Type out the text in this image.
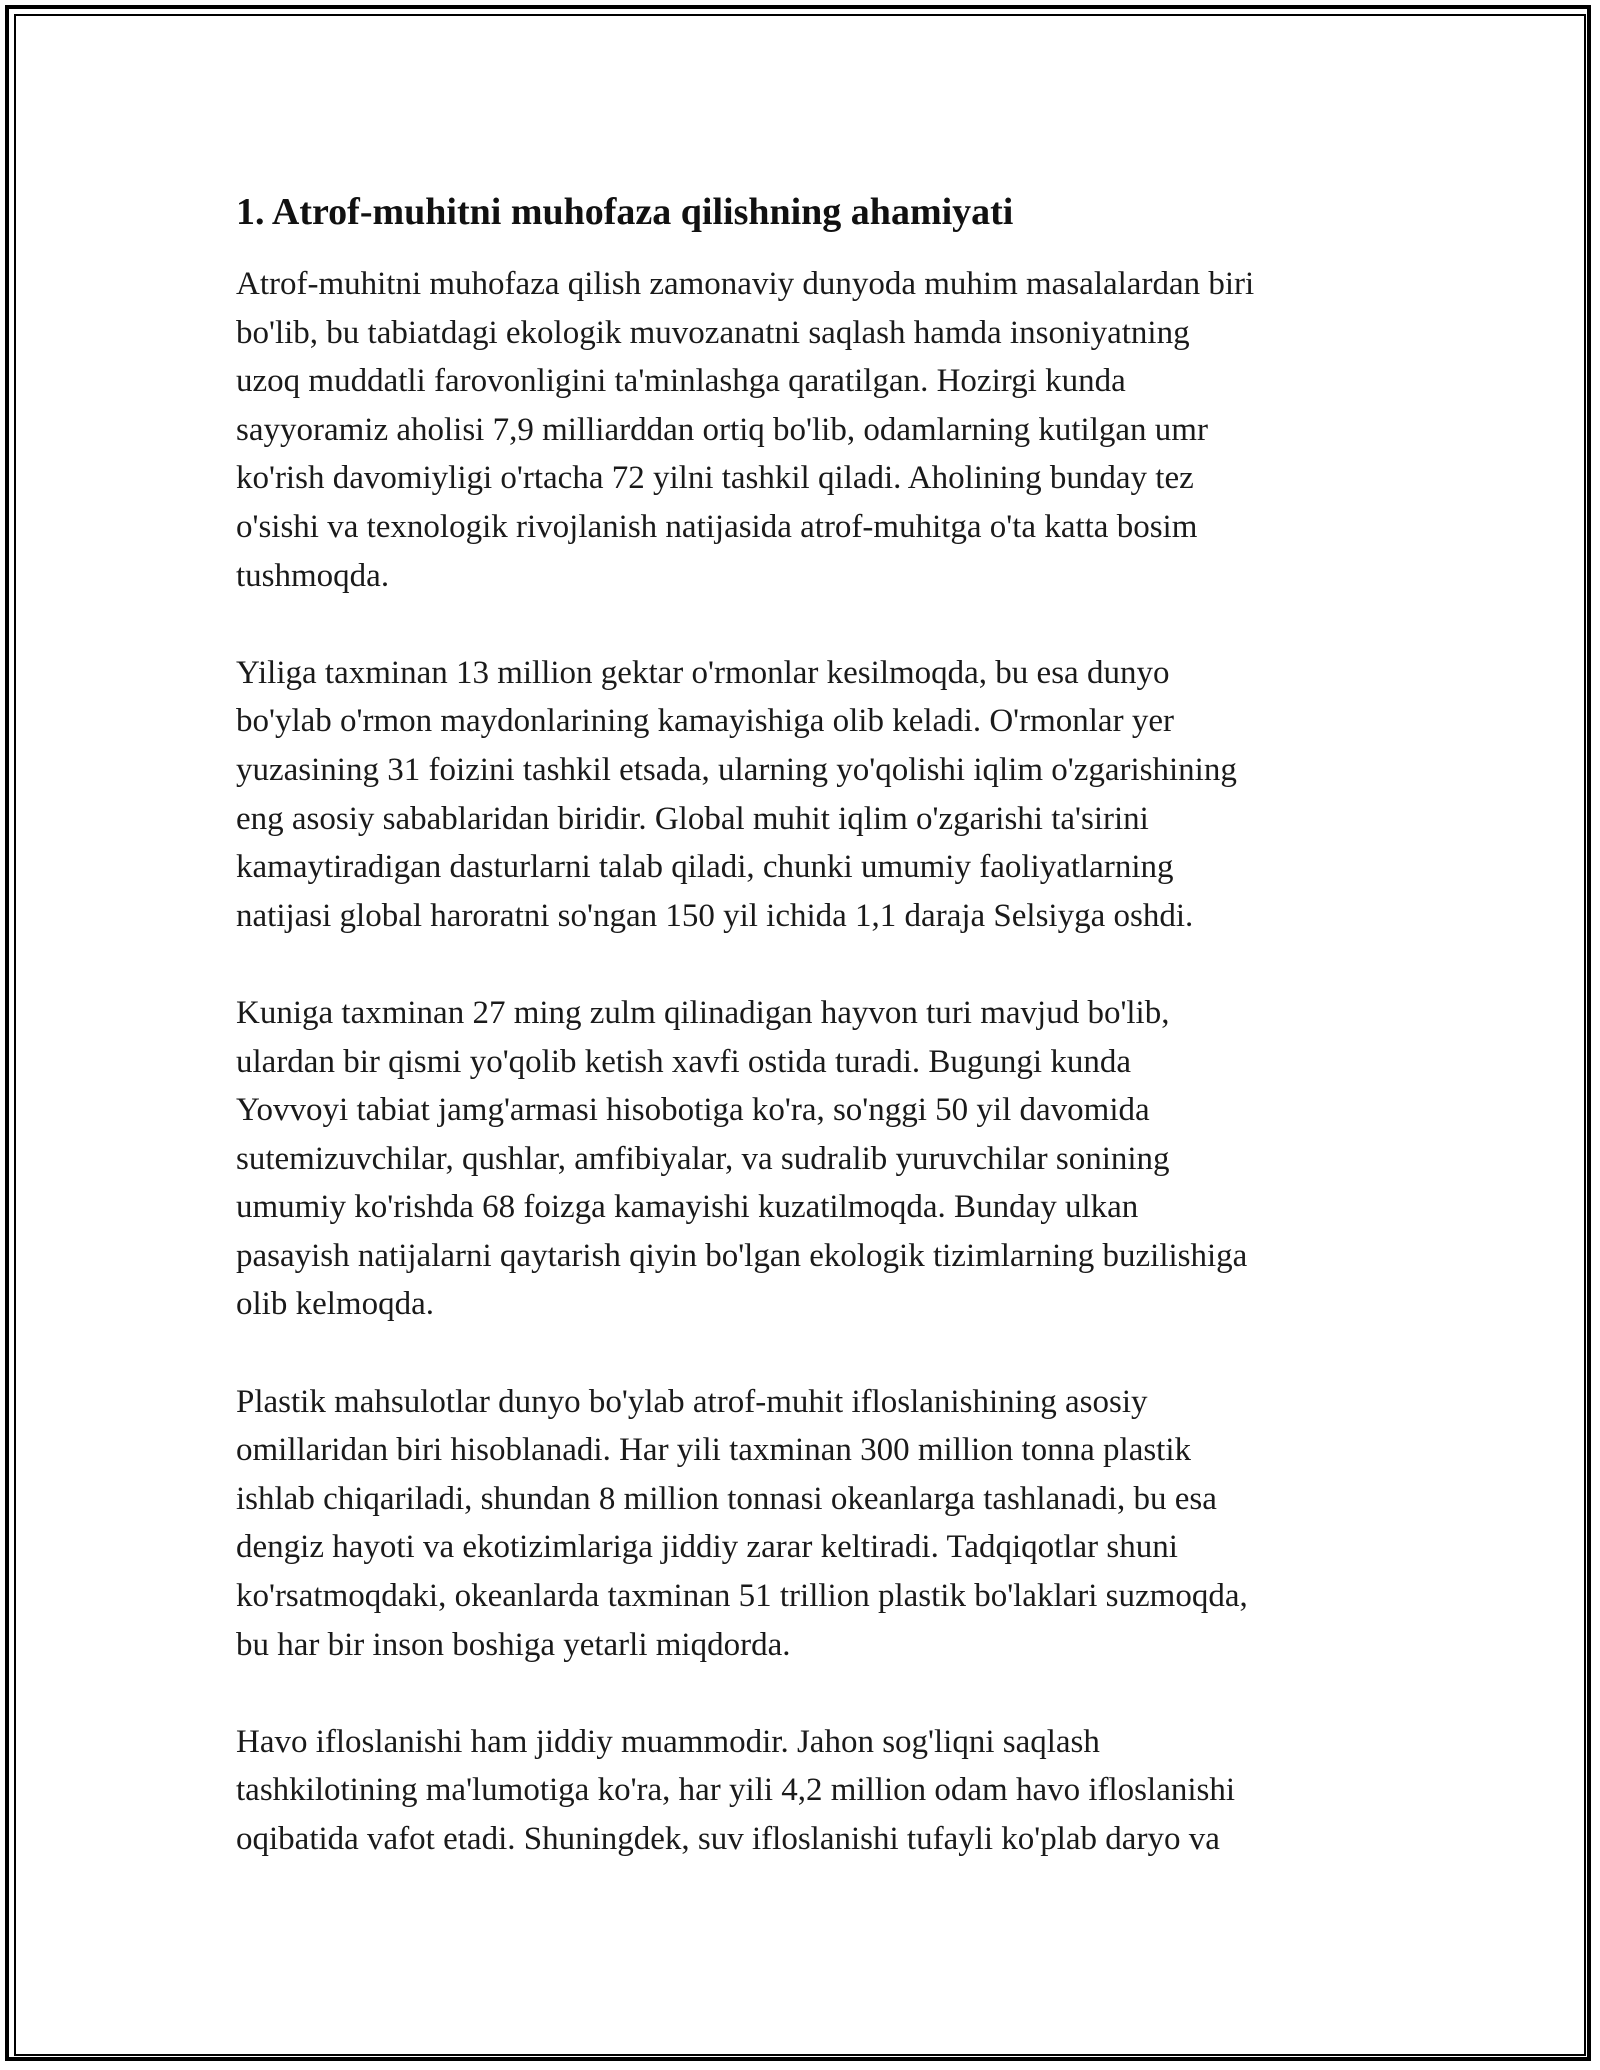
1. Atrof-muhitni muhofaza qilishning ahamiyati

Atrof-muhitni muhofaza qilish zamonaviy dunyoda muhim masalalardan biri
bo'lib, bu tabiatdagi ekologik muvozanatni saqlash hamda insoniyatning
uzoq muddatli farovonligini ta'minlashga qaratilgan. Hozirgi kunda
sayyoramiz aholisi 7,9 milliarddan ortiq bo'lib, odamlarning kutilgan umr
ko'rish davomiyligi o'rtacha 72 yilni tashkil qiladi. Aholining bunday tez
o'sishi va texnologik rivojlanish natijasida atrof-muhitga o'ta katta bosim
tushmoqda.

Yiliga taxminan 13 million gektar o'rmonlar kesilmoqda, bu esa dunyo
bo'ylab o'rmon maydonlarining kamayishiga olib keladi. O'rmonlar yer
yuzasining 31 foizini tashkil etsada, ularning yo'qolishi iqlim o'zgarishining
eng asosiy sabablaridan biridir. Global muhit iqlim o'zgarishi ta'sirini
kamaytiradigan dasturlarni talab qiladi, chunki umumiy faoliyatlarning
natijasi global haroratni so'ngan 150 yil ichida 1,1 daraja Selsiyga oshdi.

Kuniga taxminan 27 ming zulm qilinadigan hayvon turi mavjud bo'lib,
ulardan bir qismi yo'qolib ketish xavfi ostida turadi. Bugungi kunda
Yovvoyi tabiat jamg'armasi hisobotiga ko'ra, so'nggi 50 yil davomida
sutemizuvchilar, qushlar, amfibiyalar, va sudralib yuruvchilar sonining
umumiy ko'rishda 68 foizga kamayishi kuzatilmoqda. Bunday ulkan
pasayish natijalarni qaytarish qiyin bo'lgan ekologik tizimlarning buzilishiga
olib kelmoqda.

Plastik mahsulotlar dunyo bo'ylab atrof-muhit ifloslanishining asosiy
omillaridan biri hisoblanadi. Har yili taxminan 300 million tonna plastik
ishlab chiqariladi, shundan 8 million tonnasi okeanlarga tashlanadi, bu esa
dengiz hayoti va ekotizimlariga jiddiy zarar keltiradi. Tadqiqotlar shuni
ko'rsatmoqdaki, okeanlarda taxminan 51 trillion plastik bo'laklari suzmoqda,
bu har bir inson boshiga yetarli miqdorda.

Havo ifloslanishi ham jiddiy muammodir. Jahon sog'liqni saqlash
tashkilotining ma'lumotiga ko'ra, har yili 4,2 million odam havo ifloslanishi
oqibatida vafot etadi. Shuningdek, suv ifloslanishi tufayli ko'plab daryo va
